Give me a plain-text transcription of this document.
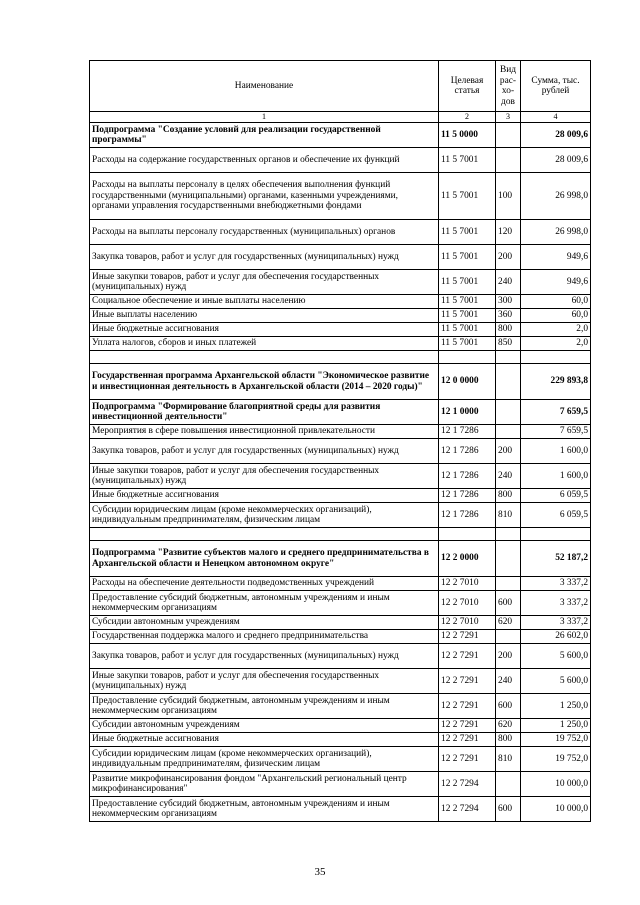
Наименование	Целевая статья	Вид рас-хо-дов	Сумма, тыс. рублей
1	2	3	4
Подпрограмма "Создание условий для реализации государственной программы"	11 5 0000		28 009,6
Расходы на содержание государственных органов и обеспечение их функций	11 5 7001		28 009,6
Расходы на выплаты персоналу в целях обеспечения выполнения функций государственными (муниципальными) органами, казенными учреждениями, органами управления государственными внебюджетными фондами	11 5 7001	100	26 998,0
Расходы на выплаты персоналу государственных (муниципальных) органов	11 5 7001	120	26 998,0
Закупка товаров, работ и услуг для государственных (муниципальных) нужд	11 5 7001	200	949,6
Иные закупки товаров, работ и услуг для обеспечения государственных (муниципальных) нужд	11 5 7001	240	949,6
Социальное обеспечение и иные выплаты населению	11 5 7001	300	60,0
Иные выплаты населению	11 5 7001	360	60,0
Иные бюджетные ассигнования	11 5 7001	800	2,0
Уплата налогов, сборов и иных платежей	11 5 7001	850	2,0

Государственная программа Архангельской области "Экономическое развитие и инвестиционная деятельность в Архангельской области (2014 – 2020 годы)"	12 0 0000		229 893,8
Подпрограмма "Формирование благоприятной среды для развития инвестиционной деятельности"	12 1 0000		7 659,5
Мероприятия в сфере повышения инвестиционной привлекательности	12 1 7286		7 659,5
Закупка товаров, работ и услуг для государственных (муниципальных) нужд	12 1 7286	200	1 600,0
Иные закупки товаров, работ и услуг для обеспечения государственных (муниципальных) нужд	12 1 7286	240	1 600,0
Иные бюджетные ассигнования	12 1 7286	800	6 059,5
Субсидии юридическим лицам (кроме некоммерческих организаций), индивидуальным предпринимателям, физическим лицам	12 1 7286	810	6 059,5

Подпрограмма "Развитие субъектов малого и среднего предпринимательства в Архангельской области и Ненецком автономном округе"	12 2 0000		52 187,2
Расходы на обеспечение деятельности подведомственных учреждений	12 2 7010		3 337,2
Предоставление субсидий бюджетным, автономным учреждениям и иным некоммерческим организациям	12 2 7010	600	3 337,2
Субсидии автономным учреждениям	12 2 7010	620	3 337,2
Государственная поддержка малого и среднего предпринимательства	12 2 7291		26 602,0
Закупка товаров, работ и услуг для государственных (муниципальных) нужд	12 2 7291	200	5 600,0
Иные закупки товаров, работ и услуг для обеспечения государственных (муниципальных) нужд	12 2 7291	240	5 600,0
Предоставление субсидий бюджетным, автономным учреждениям и иным некоммерческим организациям	12 2 7291	600	1 250,0
Субсидии автономным учреждениям	12 2 7291	620	1 250,0
Иные бюджетные ассигнования	12 2 7291	800	19 752,0
Субсидии юридическим лицам (кроме некоммерческих организаций), индивидуальным предпринимателям, физическим лицам	12 2 7291	810	19 752,0
Развитие микрофинансирования фондом "Архангельский региональный центр микрофинансирования"	12 2 7294		10 000,0
Предоставление субсидий бюджетным, автономным учреждениям и иным некоммерческим организациям	12 2 7294	600	10 000,0
35
